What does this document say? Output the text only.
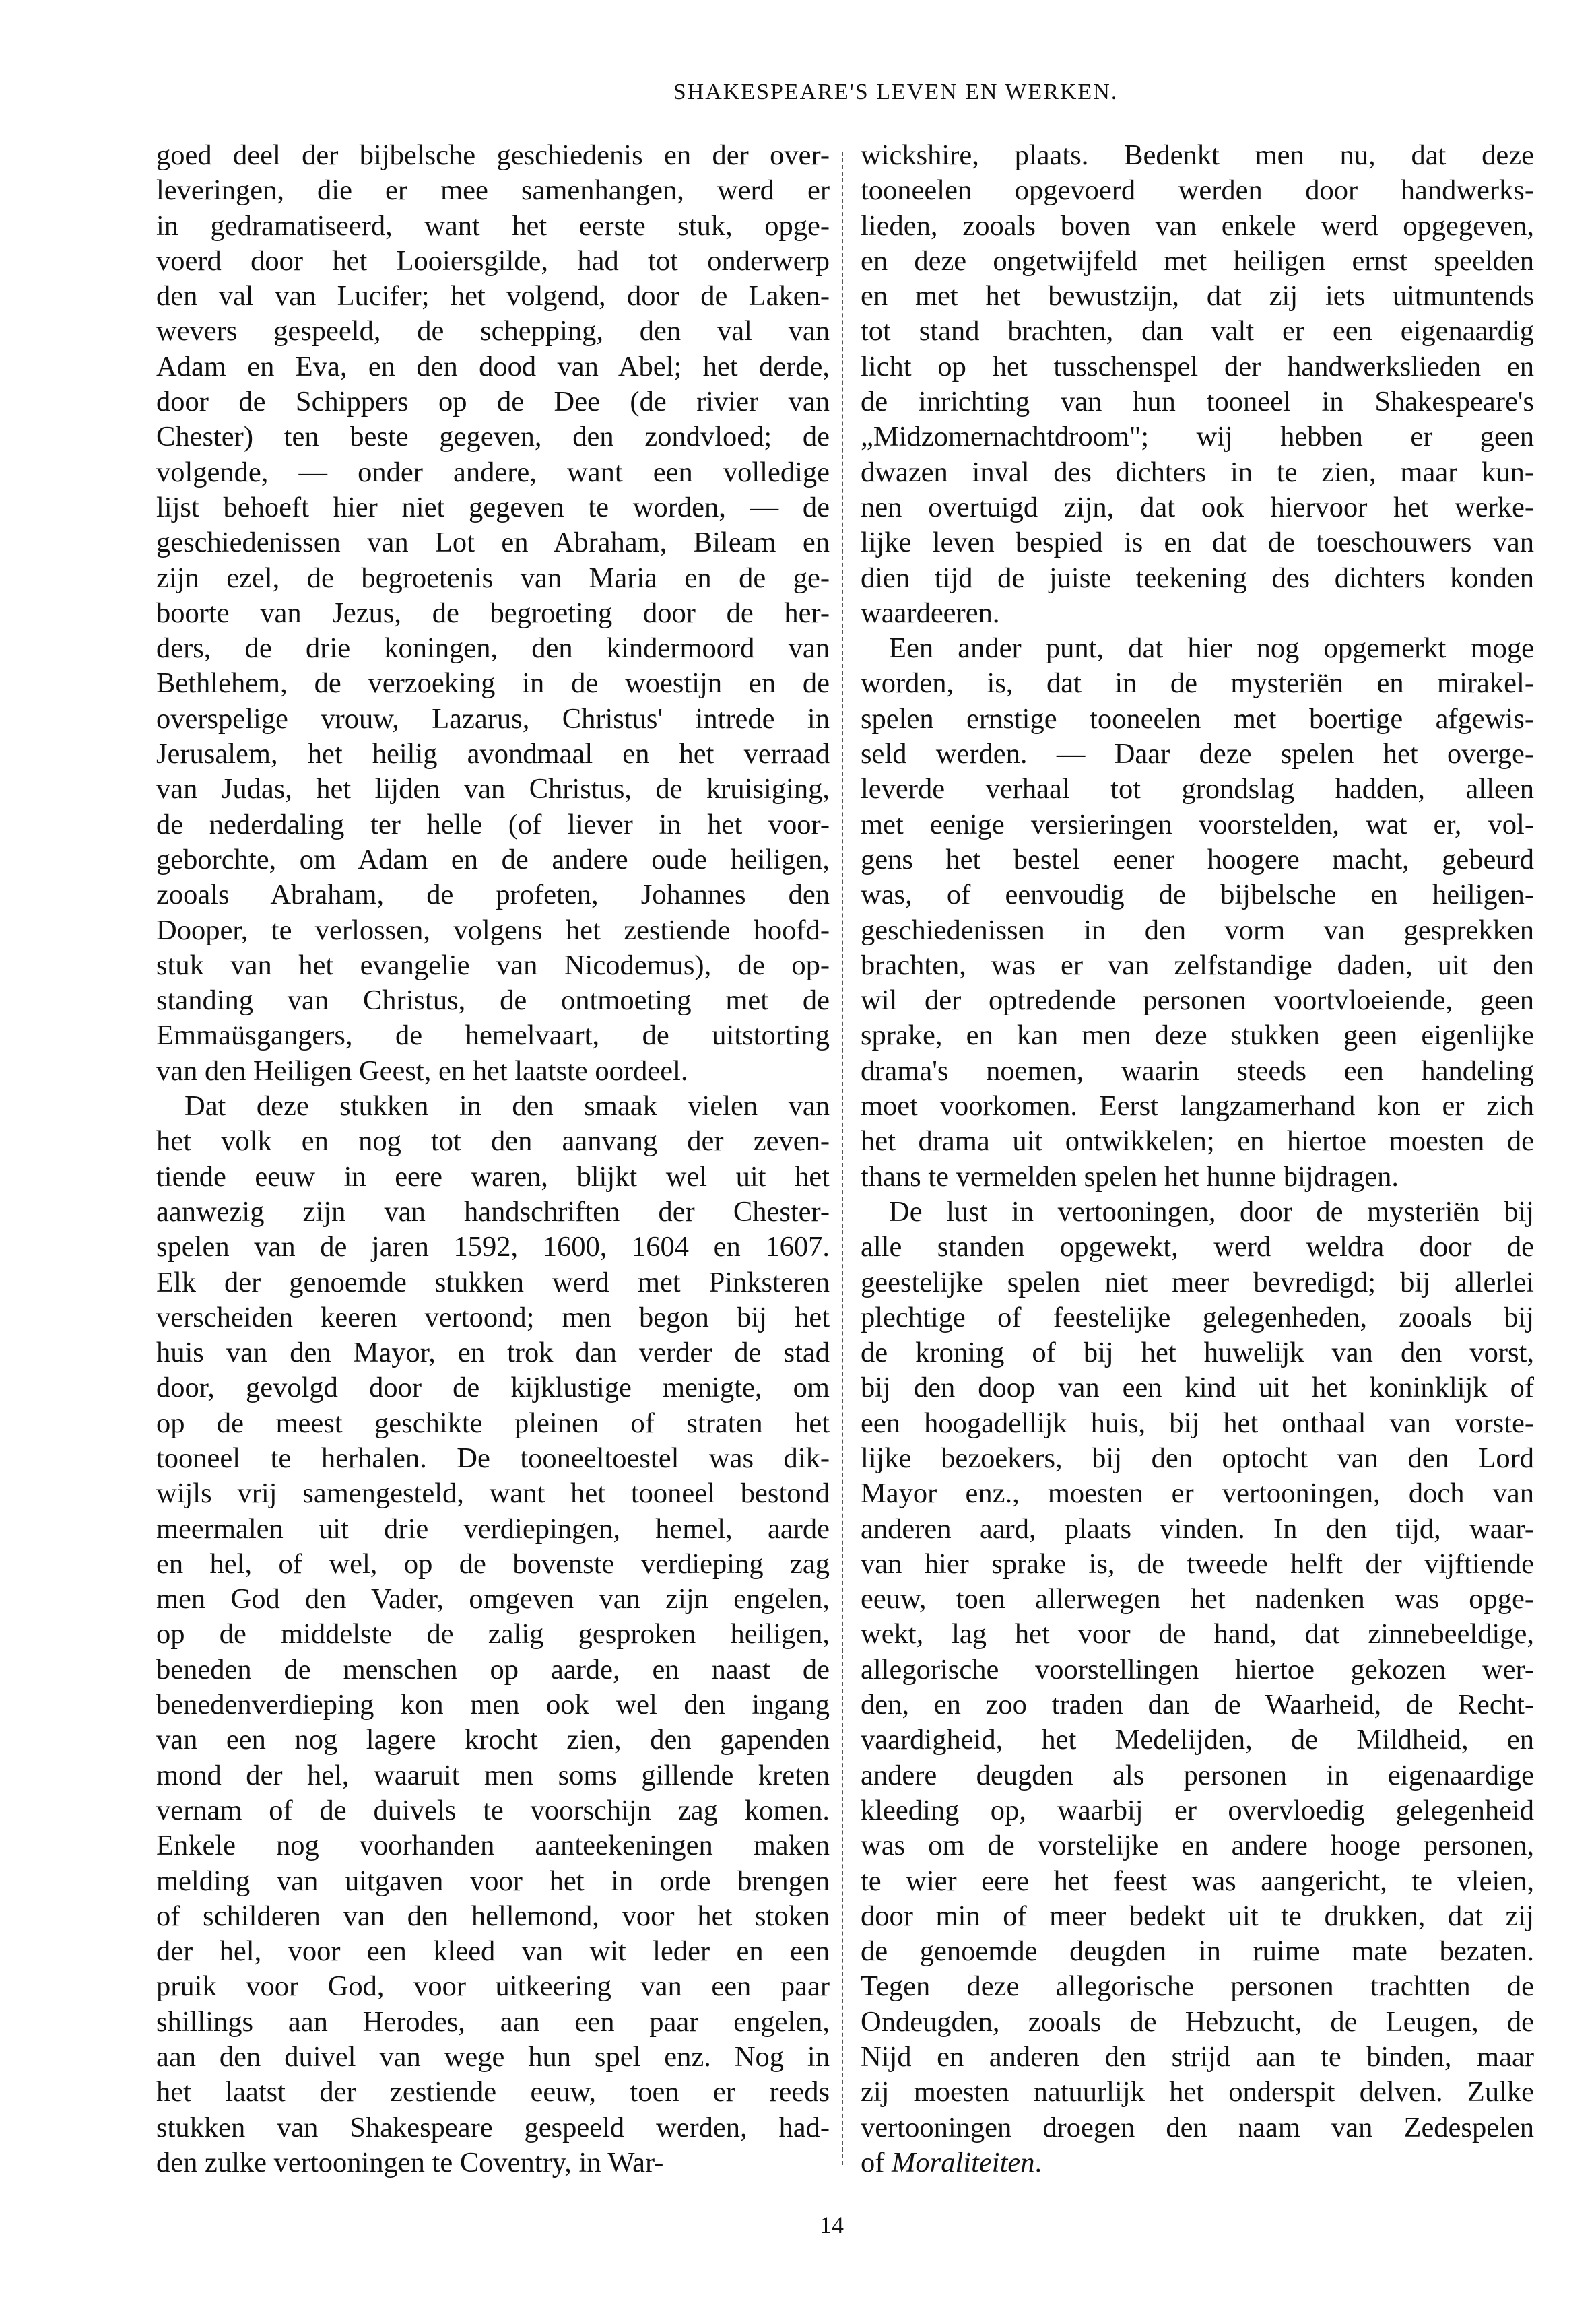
SHAKESPEARE'S LEVEN EN WERKEN.

goed deel der bijbelsche geschiedenis en der over-
leveringen, die er mee samenhangen, werd er
in gedramatiseerd, want het eerste stuk, opge-
voerd door het Looiersgilde, had tot onderwerp
den val van Lucifer; het volgend, door de Laken-
wevers gespeeld, de schepping, den val van
Adam en Eva, en den dood van Abel; het derde,
door de Schippers op de Dee (de rivier van
Chester) ten beste gegeven, den zondvloed; de
volgende, — onder andere, want een volledige
lijst behoeft hier niet gegeven te worden, — de
geschiedenissen van Lot en Abraham, Bileam en
zijn ezel, de begroetenis van Maria en de ge-
boorte van Jezus, de begroeting door de her-
ders, de drie koningen, den kindermoord van
Bethlehem, de verzoeking in de woestijn en de
overspelige vrouw, Lazarus, Christus' intrede in
Jerusalem, het heilig avondmaal en het verraad
van Judas, het lijden van Christus, de kruisiging,
de nederdaling ter helle (of liever in het voor-
geborchte, om Adam en de andere oude heiligen,
zooals Abraham, de profeten, Johannes den
Dooper, te verlossen, volgens het zestiende hoofd-
stuk van het evangelie van Nicodemus), de op-
standing van Christus, de ontmoeting met de
Emmaüsgangers, de hemelvaart, de uitstorting
van den Heiligen Geest, en het laatste oordeel.

Dat deze stukken in den smaak vielen van
het volk en nog tot den aanvang der zeven-
tiende eeuw in eere waren, blijkt wel uit het
aanwezig zijn van handschriften der Chester-
spelen van de jaren 1592, 1600, 1604 en 1607.
Elk der genoemde stukken werd met Pinksteren
verscheiden keeren vertoond; men begon bij het
huis van den Mayor, en trok dan verder de stad
door, gevolgd door de kijklustige menigte, om
op de meest geschikte pleinen of straten het
tooneel te herhalen. De tooneeltoestel was dik-
wijls vrij samengesteld, want het tooneel bestond
meermalen uit drie verdiepingen, hemel, aarde
en hel, of wel, op de bovenste verdieping zag
men God den Vader, omgeven van zijn engelen,
op de middelste de zalig gesproken heiligen,
beneden de menschen op aarde, en naast de
benedenverdieping kon men ook wel den ingang
van een nog lagere krocht zien, den gapenden
mond der hel, waaruit men soms gillende kreten
vernam of de duivels te voorschijn zag komen.
Enkele nog voorhanden aanteekeningen maken
melding van uitgaven voor het in orde brengen
of schilderen van den hellemond, voor het stoken
der hel, voor een kleed van wit leder en een
pruik voor God, voor uitkeering van een paar
shillings aan Herodes, aan een paar engelen,
aan den duivel van wege hun spel enz. Nog in
het laatst der zestiende eeuw, toen er reeds
stukken van Shakespeare gespeeld werden, had-
den zulke vertooningen te Coventry, in War-

wickshire, plaats. Bedenkt men nu, dat deze
tooneelen opgevoerd werden door handwerks-
lieden, zooals boven van enkele werd opgegeven,
en deze ongetwijfeld met heiligen ernst speelden
en met het bewustzijn, dat zij iets uitmuntends
tot stand brachten, dan valt er een eigenaardig
licht op het tusschenspel der handwerkslieden en
de inrichting van hun tooneel in Shakespeare's
„Midzomernachtdroom"; wij hebben er geen
dwazen inval des dichters in te zien, maar kun-
nen overtuigd zijn, dat ook hiervoor het werke-
lijke leven bespied is en dat de toeschouwers van
dien tijd de juiste teekening des dichters konden
waardeeren.

Een ander punt, dat hier nog opgemerkt moge
worden, is, dat in de mysteriën en mirakel-
spelen ernstige tooneelen met boertige afgewis-
seld werden. — Daar deze spelen het overge-
leverde verhaal tot grondslag hadden, alleen
met eenige versieringen voorstelden, wat er, vol-
gens het bestel eener hoogere macht, gebeurd
was, of eenvoudig de bijbelsche en heiligen-
geschiedenissen in den vorm van gesprekken
brachten, was er van zelfstandige daden, uit den
wil der optredende personen voortvloeiende, geen
sprake, en kan men deze stukken geen eigenlijke
drama's noemen, waarin steeds een handeling
moet voorkomen. Eerst langzamerhand kon er zich
het drama uit ontwikkelen; en hiertoe moesten de
thans te vermelden spelen het hunne bijdragen.

De lust in vertooningen, door de mysteriën bij
alle standen opgewekt, werd weldra door de
geestelijke spelen niet meer bevredigd; bij allerlei
plechtige of feestelijke gelegenheden, zooals bij
de kroning of bij het huwelijk van den vorst,
bij den doop van een kind uit het koninklijk of
een hoogadellijk huis, bij het onthaal van vorste-
lijke bezoekers, bij den optocht van den Lord
Mayor enz., moesten er vertooningen, doch van
anderen aard, plaats vinden. In den tijd, waar-
van hier sprake is, de tweede helft der vijftiende
eeuw, toen allerwegen het nadenken was opge-
wekt, lag het voor de hand, dat zinnebeeldige,
allegorische voorstellingen hiertoe gekozen wer-
den, en zoo traden dan de Waarheid, de Recht-
vaardigheid, het Medelijden, de Mildheid, en
andere deugden als personen in eigenaardige
kleeding op, waarbij er overvloedig gelegenheid
was om de vorstelijke en andere hooge personen,
te wier eere het feest was aangericht, te vleien,
door min of meer bedekt uit te drukken, dat zij
de genoemde deugden in ruime mate bezaten.
Tegen deze allegorische personen trachtten de
Ondeugden, zooals de Hebzucht, de Leugen, de
Nijd en anderen den strijd aan te binden, maar
zij moesten natuurlijk het onderspit delven. Zulke
vertooningen droegen den naam van Zedespelen
of Moraliteiten.

14
